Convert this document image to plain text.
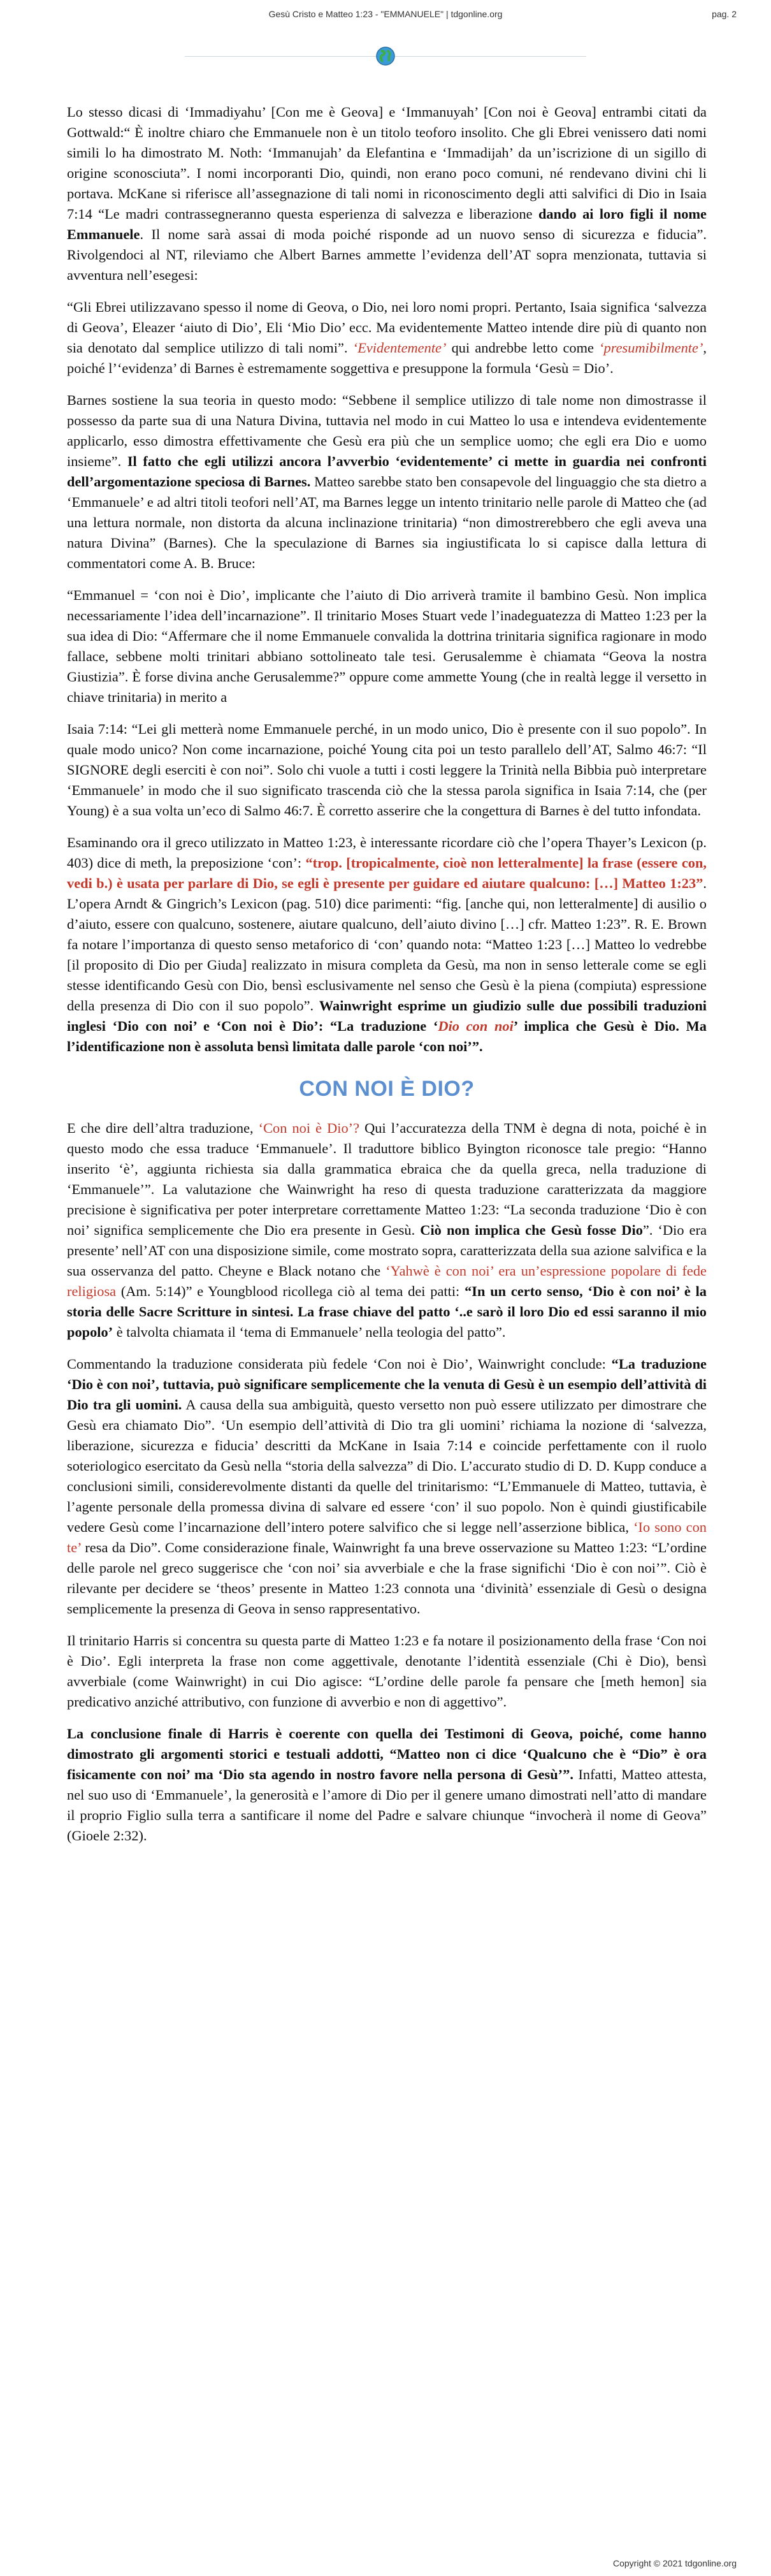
Gesù Cristo e Matteo 1:23 - "EMMANUELE" | tdgonline.org	pag. 2

Lo stesso dicasi di ‘Immadiyahu’ [Con me è Geova] e ‘Immanuyah’ [Con noi è Geova] entrambi citati da Gottwald:“ È inoltre chiaro che Emmanuele non è un titolo teoforo insolito. Che gli Ebrei venissero dati nomi simili lo ha dimostrato M. Noth: ‘Immanujah’ da Elefantina e ‘Immadijah’ da un’iscrizione di un sigillo di origine sconosciuta”. I nomi incorporanti Dio, quindi, non erano poco comuni, né rendevano divini chi li portava. McKane si riferisce all’assegnazione di tali nomi in riconoscimento degli atti salvifici di Dio in Isaia 7:14 “Le madri contrassegneranno questa esperienza di salvezza e liberazione dando ai loro figli il nome Emmanuele. Il nome sarà assai di moda poiché risponde ad un nuovo senso di sicurezza e fiducia”. Rivolgendoci al NT, rileviamo che Albert Barnes ammette l’evidenza dell’AT sopra menzionata, tuttavia si avventura nell’esegesi:

“Gli Ebrei utilizzavano spesso il nome di Geova, o Dio, nei loro nomi propri. Pertanto, Isaia significa ‘salvezza di Geova’, Eleazer ‘aiuto di Dio’, Eli ‘Mio Dio’ ecc. Ma evidentemente Matteo intende dire più di quanto non sia denotato dal semplice utilizzo di tali nomi”. ‘Evidentemente’ qui andrebbe letto come ‘presumibilmente’, poiché l’‘evidenza’ di Barnes è estremamente soggettiva e presuppone la formula ‘Gesù = Dio’.

Barnes sostiene la sua teoria in questo modo: “Sebbene il semplice utilizzo di tale nome non dimostrasse il possesso da parte sua di una Natura Divina, tuttavia nel modo in cui Matteo lo usa e intendeva evidentemente applicarlo, esso dimostra effettivamente che Gesù era più che un semplice uomo; che egli era Dio e uomo insieme”. Il fatto che egli utilizzi ancora l’avverbio ‘evidentemente’ ci mette in guardia nei confronti dell’argomentazione speciosa di Barnes. Matteo sarebbe stato ben consapevole del linguaggio che sta dietro a ‘Emmanuele’ e ad altri titoli teofori nell’AT, ma Barnes legge un intento trinitario nelle parole di Matteo che (ad una lettura normale, non distorta da alcuna inclinazione trinitaria) “non dimostrerebbero che egli aveva una natura Divina” (Barnes). Che la speculazione di Barnes sia ingiustificata lo si capisce dalla lettura di commentatori come A. B. Bruce:

“Emmanuel = ‘con noi è Dio’, implicante che l’aiuto di Dio arriverà tramite il bambino Gesù. Non implica necessariamente l’idea dell’incarnazione”. Il trinitario Moses Stuart vede l’inadeguatezza di Matteo 1:23 per la sua idea di Dio: “Affermare che il nome Emmanuele convalida la dottrina trinitaria significa ragionare in modo fallace, sebbene molti trinitari abbiano sottolineato tale tesi. Gerusalemme è chiamata “Geova la nostra Giustizia”. È forse divina anche Gerusalemme?” oppure come ammette Young (che in realtà legge il versetto in chiave trinitaria) in merito a

Isaia 7:14: “Lei gli metterà nome Emmanuele perché, in un modo unico, Dio è presente con il suo popolo”. In quale modo unico? Non come incarnazione, poiché Young cita poi un testo parallelo dell’AT, Salmo 46:7: “Il SIGNORE degli eserciti è con noi”. Solo chi vuole a tutti i costi leggere la Trinità nella Bibbia può interpretare ‘Emmanuele’ in modo che il suo significato trascenda ciò che la stessa parola significa in Isaia 7:14, che (per Young) è a sua volta un’eco di Salmo 46:7. È corretto asserire che la congettura di Barnes è del tutto infondata.

Esaminando ora il greco utilizzato in Matteo 1:23, è interessante ricordare ciò che l’opera Thayer’s Lexicon (p. 403) dice di meth, la preposizione ‘con’: “trop. [tropicalmente, cioè non letteralmente] la frase (essere con, vedi b.) è usata per parlare di Dio, se egli è presente per guidare ed aiutare qualcuno: […] Matteo 1:23”. L’opera Arndt & Gingrich’s Lexicon (pag. 510) dice parimenti: “fig. [anche qui, non letteralmente] di ausilio o d’aiuto, essere con qualcuno, sostenere, aiutare qualcuno, dell’aiuto divino […] cfr. Matteo 1:23”. R. E. Brown fa notare l’importanza di questo senso metaforico di ‘con’ quando nota: “Matteo 1:23 […] Matteo lo vedrebbe [il proposito di Dio per Giuda] realizzato in misura completa da Gesù, ma non in senso letterale come se egli stesse identificando Gesù con Dio, bensì esclusivamente nel senso che Gesù è la piena (compiuta) espressione della presenza di Dio con il suo popolo”. Wainwright esprime un giudizio sulle due possibili traduzioni inglesi ‘Dio con noi’ e ‘Con noi è Dio’: “La traduzione ‘Dio con noi’ implica che Gesù è Dio. Ma l’identificazione non è assoluta bensì limitata dalle parole ‘con noi’”.

CON NOI È DIO?

E che dire dell’altra traduzione, ‘Con noi è Dio’? Qui l’accuratezza della TNM è degna di nota, poiché è in questo modo che essa traduce ‘Emmanuele’. Il traduttore biblico Byington riconosce tale pregio: “Hanno inserito ‘è’, aggiunta richiesta sia dalla grammatica ebraica che da quella greca, nella traduzione di ‘Emmanuele’”. La valutazione che Wainwright ha reso di questa traduzione caratterizzata da maggiore precisione è significativa per poter interpretare correttamente Matteo 1:23: “La seconda traduzione ‘Dio è con noi’ significa semplicemente che Dio era presente in Gesù. Ciò non implica che Gesù fosse Dio”. ‘Dio era presente’ nell’AT con una disposizione simile, come mostrato sopra, caratterizzata della sua azione salvifica e la sua osservanza del patto. Cheyne e Black notano che ‘Yahwè è con noi’ era un’espressione popolare di fede religiosa (Am. 5:14)” e Youngblood ricollega ciò al tema dei patti: “In un certo senso, ‘Dio è con noi’ è la storia delle Sacre Scritture in sintesi. La frase chiave del patto ‘..e sarò il loro Dio ed essi saranno il mio popolo’ è talvolta chiamata il ‘tema di Emmanuele’ nella teologia del patto”.

Commentando la traduzione considerata più fedele ‘Con noi è Dio’, Wainwright conclude: “La traduzione ‘Dio è con noi’, tuttavia, può significare semplicemente che la venuta di Gesù è un esempio dell’attività di Dio tra gli uomini. A causa della sua ambiguità, questo versetto non può essere utilizzato per dimostrare che Gesù era chiamato Dio”. ‘Un esempio dell’attività di Dio tra gli uomini’ richiama la nozione di ‘salvezza, liberazione, sicurezza e fiducia’ descritti da McKane in Isaia 7:14 e coincide perfettamente con il ruolo soteriologico esercitato da Gesù nella “storia della salvezza” di Dio. L’accurato studio di D. D. Kupp conduce a conclusioni simili, considerevolmente distanti da quelle del trinitarismo: “L’Emmanuele di Matteo, tuttavia, è l’agente personale della promessa divina di salvare ed essere ‘con’ il suo popolo. Non è quindi giustificabile vedere Gesù come l’incarnazione dell’intero potere salvifico che si legge nell’asserzione biblica, ‘Io sono con te’ resa da Dio”. Come considerazione finale, Wainwright fa una breve osservazione su Matteo 1:23: “L’ordine delle parole nel greco suggerisce che ‘con noi’ sia avverbiale e che la frase significhi ‘Dio è con noi’”. Ciò è rilevante per decidere se ‘theos’ presente in Matteo 1:23 connota una ‘divinità’ essenziale di Gesù o designa semplicemente la presenza di Geova in senso rappresentativo.

Il trinitario Harris si concentra su questa parte di Matteo 1:23 e fa notare il posizionamento della frase ‘Con noi è Dio’. Egli interpreta la frase non come aggettivale, denotante l’identità essenziale (Chi è Dio), bensì avverbiale (come Wainwright) in cui Dio agisce: “L’ordine delle parole fa pensare che [meth hemon] sia predicativo anziché attributivo, con funzione di avverbio e non di aggettivo”.

La conclusione finale di Harris è coerente con quella dei Testimoni di Geova, poiché, come hanno dimostrato gli argomenti storici e testuali addotti, “Matteo non ci dice ‘Qualcuno che è “Dio” è ora fisicamente con noi’ ma ‘Dio sta agendo in nostro favore nella persona di Gesù’”. Infatti, Matteo attesta, nel suo uso di ‘Emmanuele’, la generosità e l’amore di Dio per il genere umano dimostrati nell’atto di mandare il proprio Figlio sulla terra a santificare il nome del Padre e salvare chiunque “invocherà il nome di Geova” (Gioele 2:32).

Copyright © 2021 tdgonline.org
